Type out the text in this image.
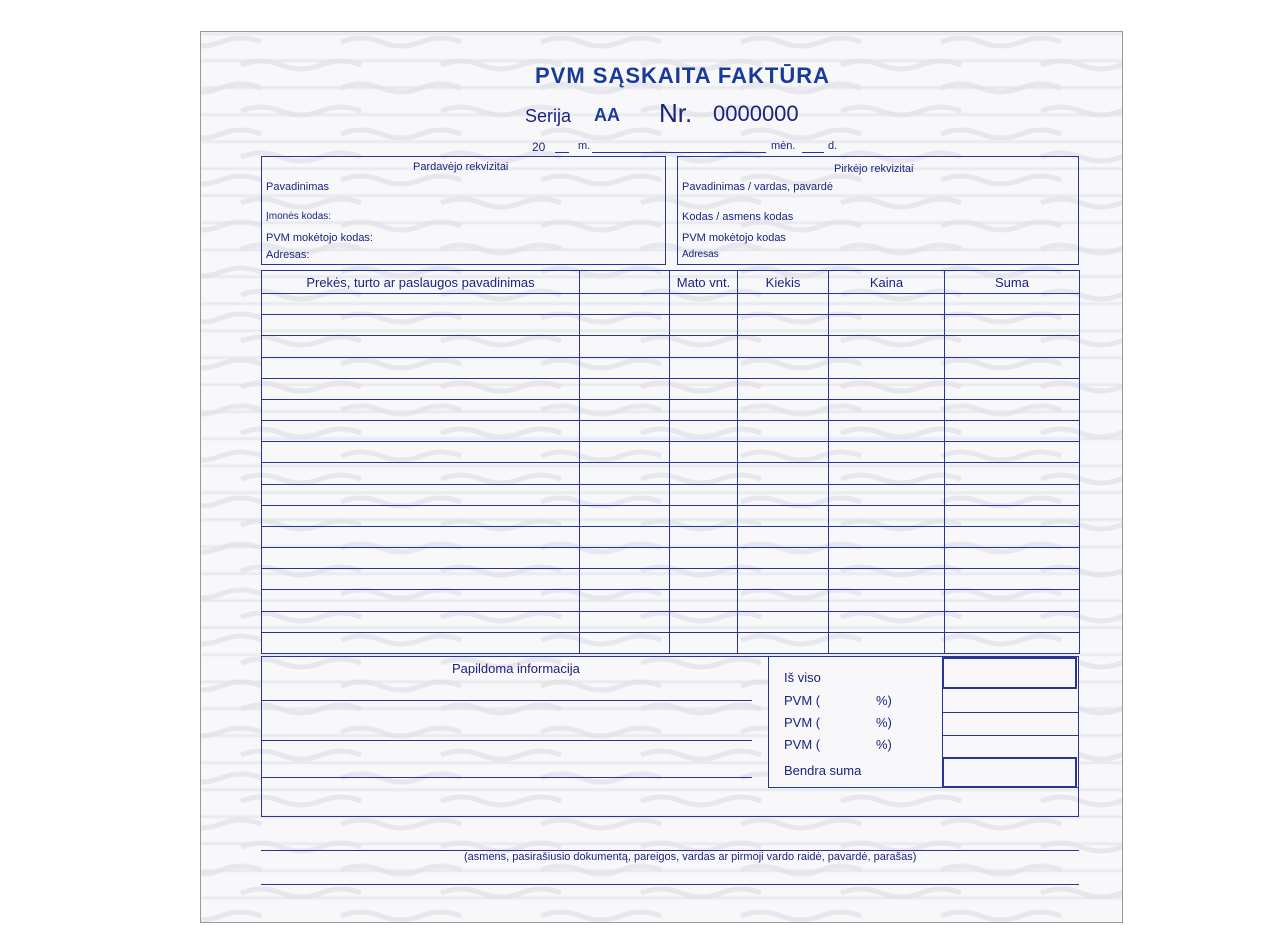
PVM SĄSKAITA FAKTŪRA
Serija AA Nr. 0000000
20	m.	mėn.	d.
Pardavėjo rekvizitai
Pavadinimas
Įmonės kodas:
PVM mokėtojo kodas:
Adresas:
Pirkėjo rekvizitai
Pavadinimas / vardas, pavardė
Kodas / asmens kodas
PVM mokėtojo kodas
Adresas
Prekės, turto ar paslaugos pavadinimas		Mato vnt.	Kiekis	Kaina	Suma

Papildoma informacija
Iš viso
PVM (	%)
PVM (	%)
PVM (	%)
Bendra suma
(asmens, pasirašiusio dokumentą, pareigos, vardas ar pirmoji vardo raidė, pavardė, parašas)
